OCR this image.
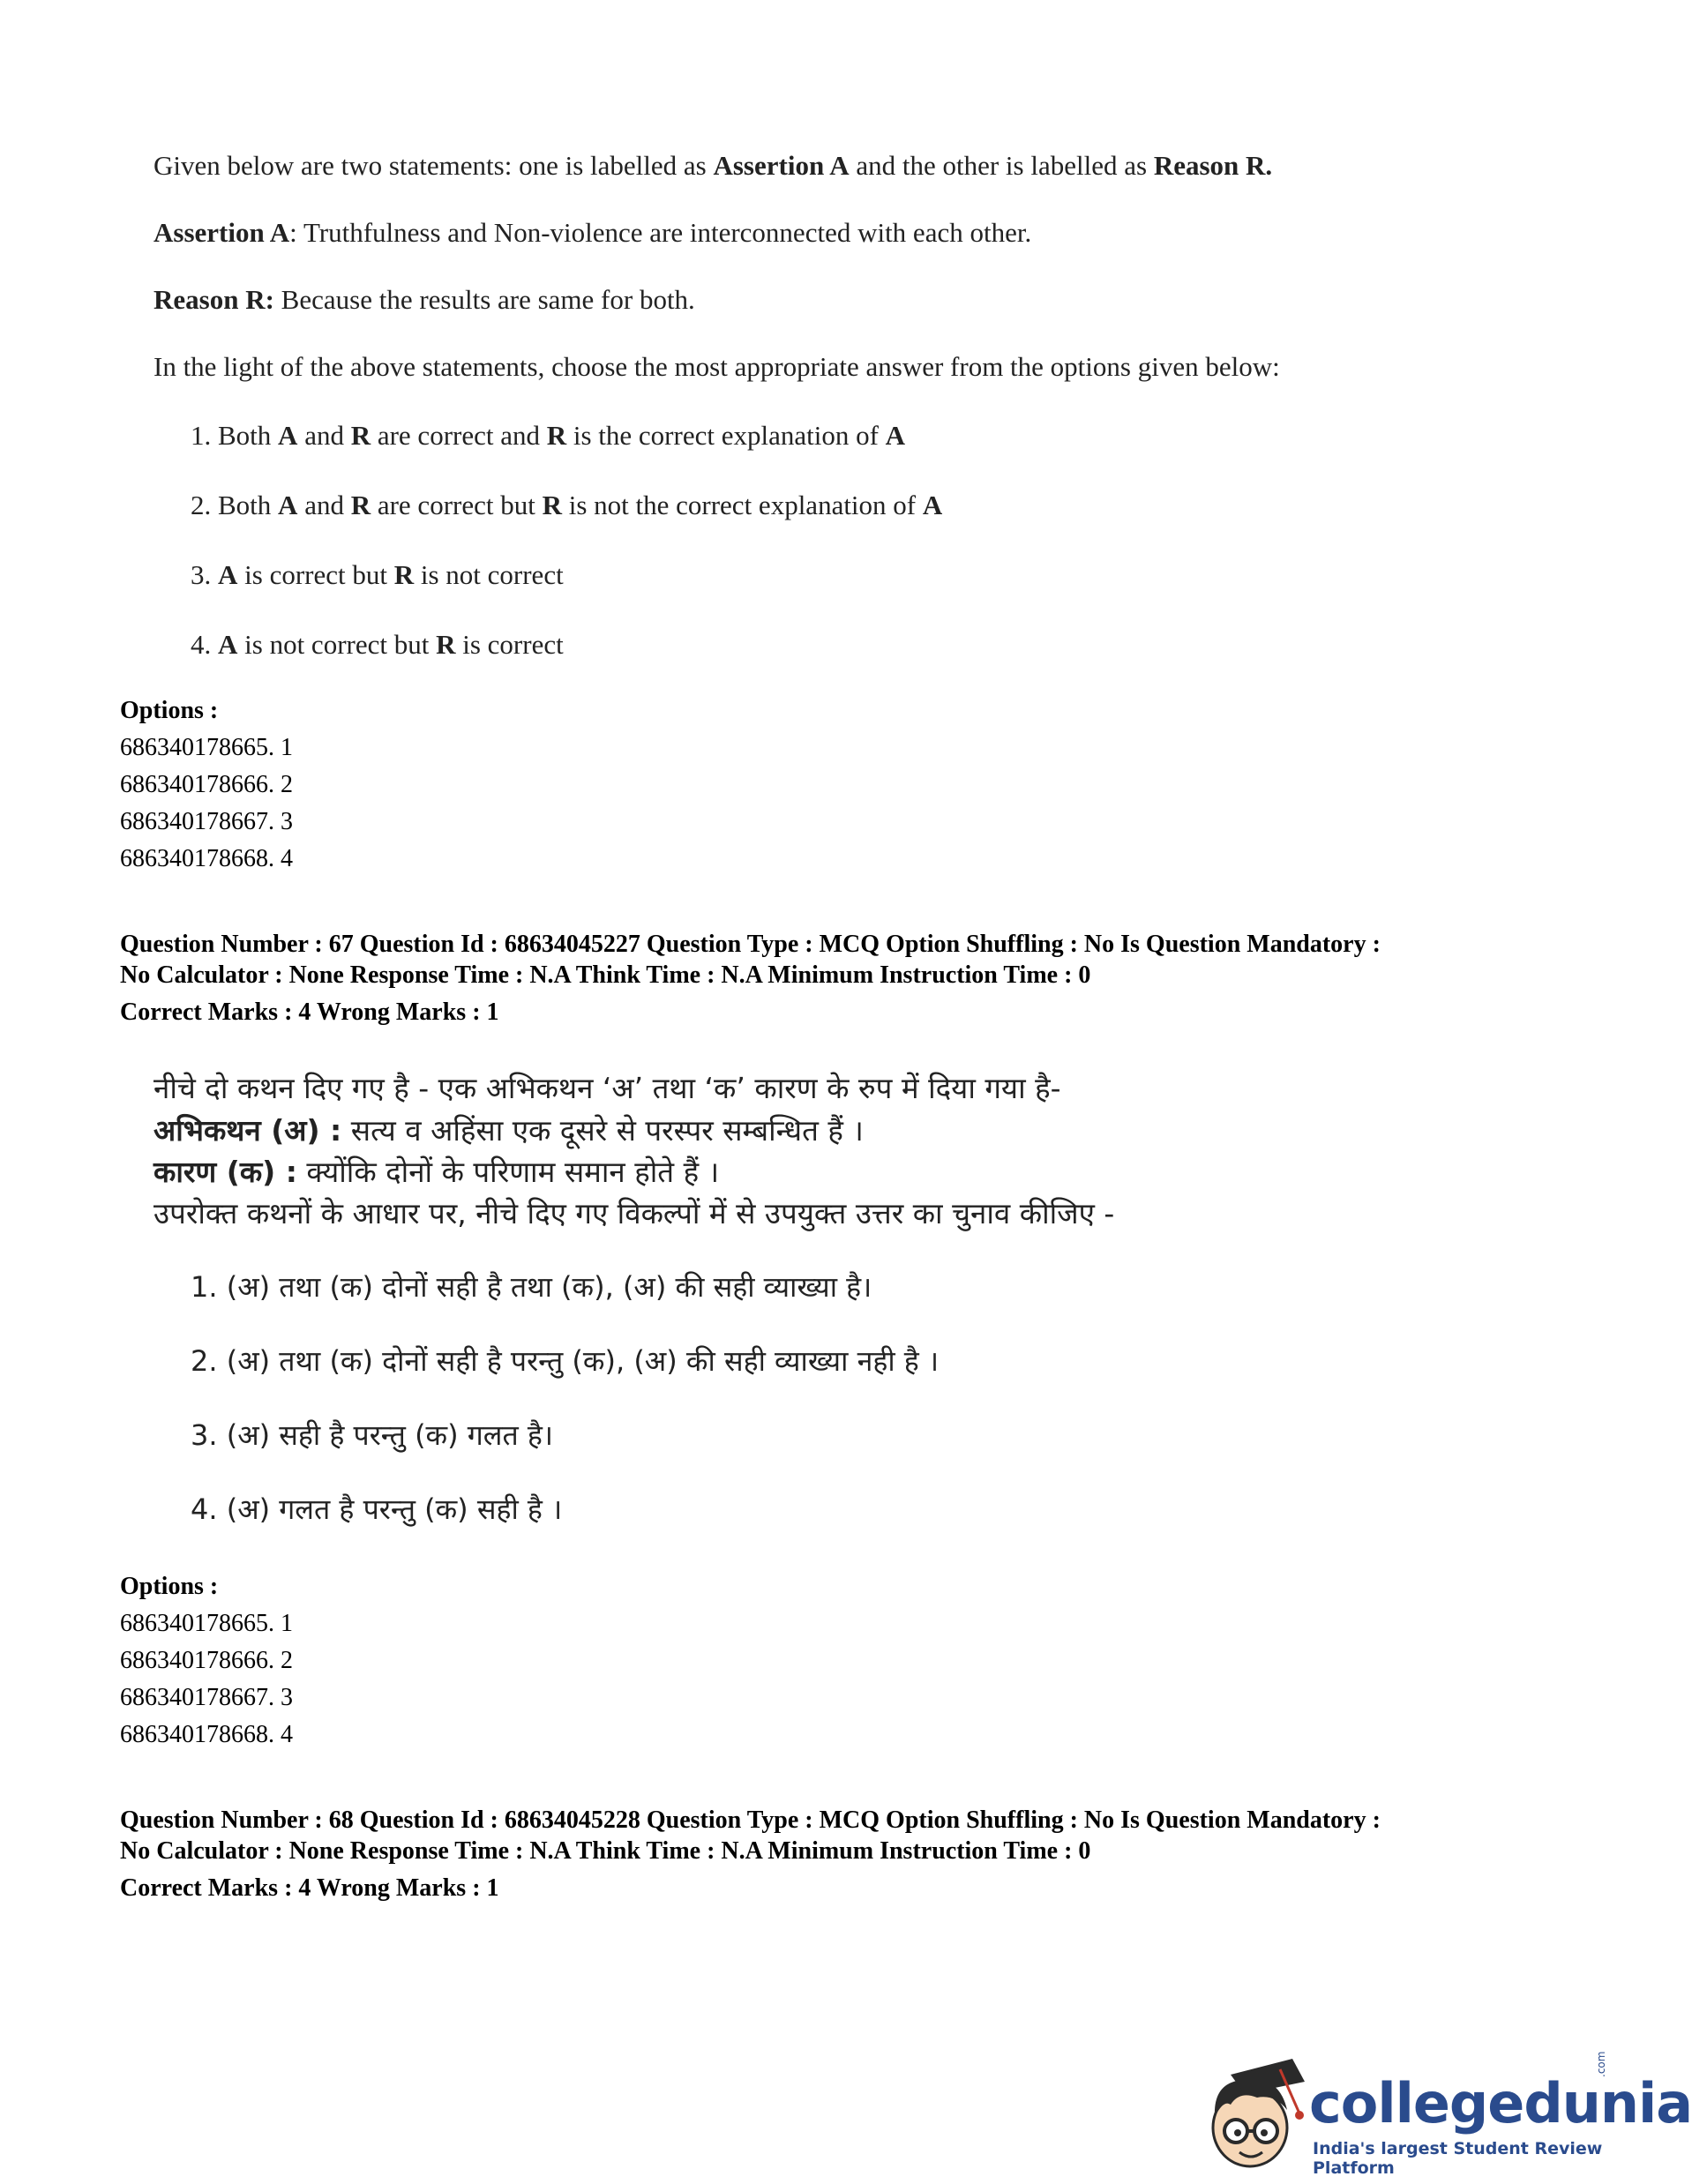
Given below are two statements: one is labelled as Assertion A and the other is labelled as Reason R.
Assertion A: Truthfulness and Non-violence are interconnected with each other.
Reason R: Because the results are same for both.
In the light of the above statements, choose the most appropriate answer from the options given below:
1. Both A and R are correct and R is the correct explanation of A
2. Both A and R are correct but R is not the correct explanation of A
3. A is correct but R is not correct
4. A is not correct but R is correct
Options :
686340178665. 1
686340178666. 2
686340178667. 3
686340178668. 4
Question Number : 67 Question Id : 68634045227 Question Type : MCQ Option Shuffling : No Is Question Mandatory :
No Calculator : None Response Time : N.A Think Time : N.A Minimum Instruction Time : 0
Correct Marks : 4 Wrong Marks : 1
नीचे दो कथन दिए गए है - एक अभिकथन ‘अ’ तथा ‘क’ कारण के रुप में दिया गया है-
अभिकथन (अ) : सत्य व अहिंसा एक दूसरे से परस्पर सम्बन्धित हैं ।
कारण (क) : क्योंकि दोनों के परिणाम समान होते हैं ।
उपरोक्त कथनों के आधार पर, नीचे दिए गए विकल्पों में से उपयुक्त उत्तर का चुनाव कीजिए -
1. (अ) तथा (क) दोनों सही है तथा (क), (अ) की सही व्याख्या है।
2. (अ) तथा (क) दोनों सही है परन्तु (क), (अ) की सही व्याख्या नही है ।
3. (अ) सही है परन्तु (क) गलत है।
4. (अ) गलत है परन्तु (क) सही है ।
Options :
686340178665. 1
686340178666. 2
686340178667. 3
686340178668. 4
Question Number : 68 Question Id : 68634045228 Question Type : MCQ Option Shuffling : No Is Question Mandatory :
No Calculator : None Response Time : N.A Think Time : N.A Minimum Instruction Time : 0
Correct Marks : 4 Wrong Marks : 1
collegedunia
India's largest Student Review Platform
.com
